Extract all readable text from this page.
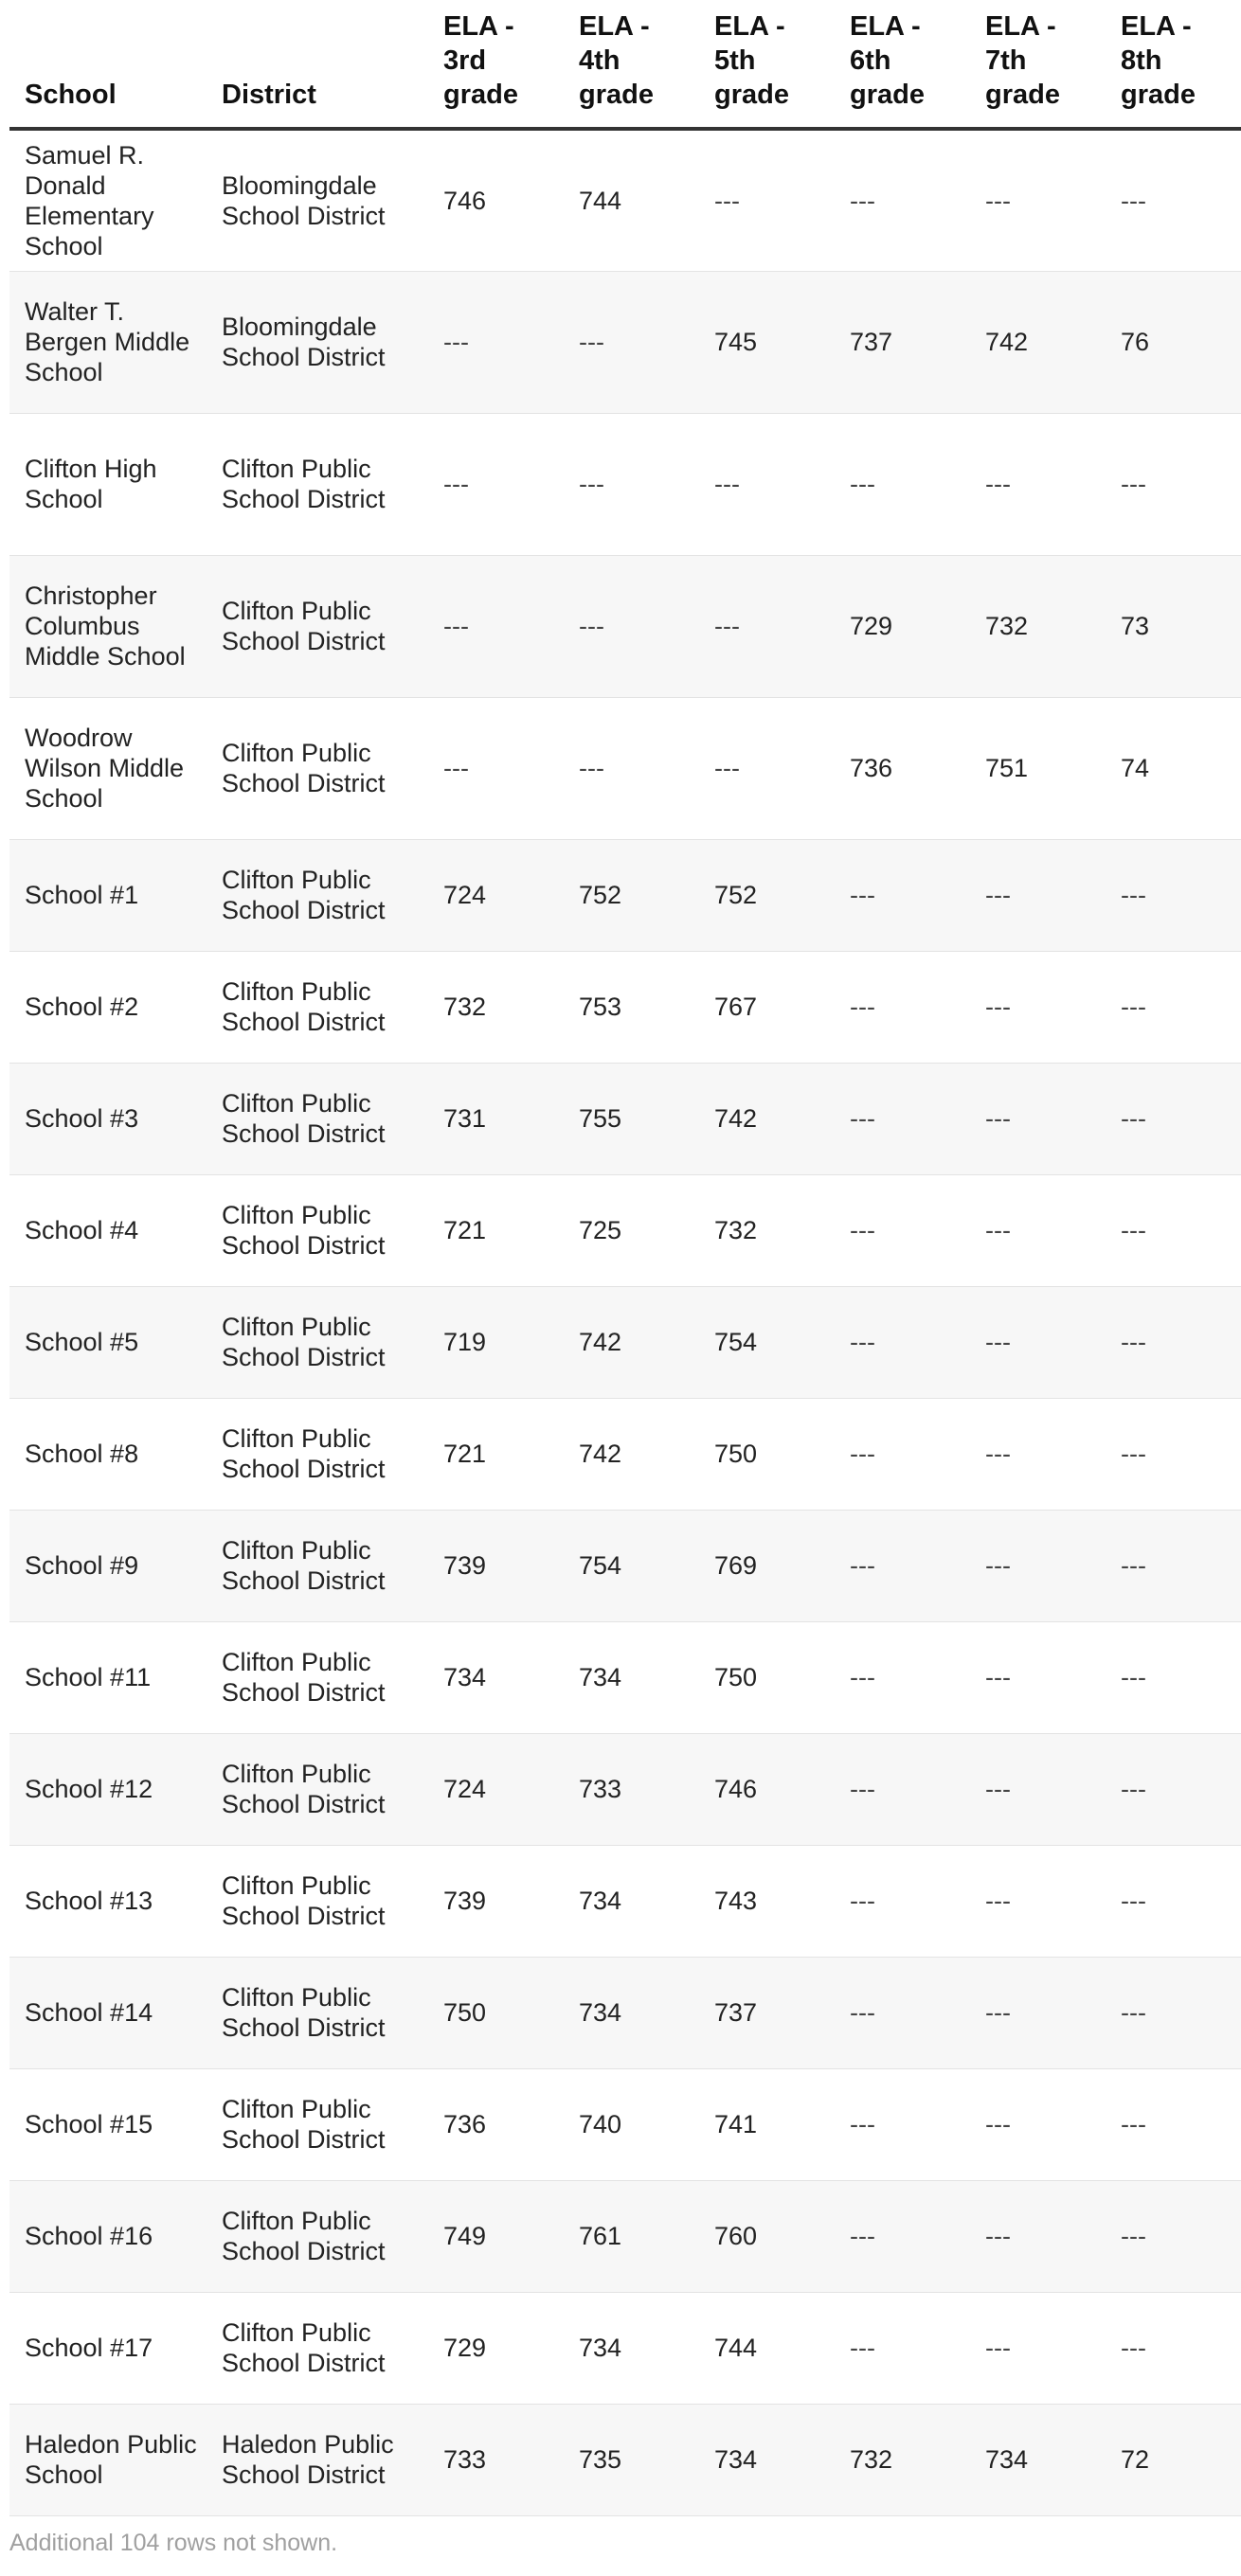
School	District	ELA - 3rd grade	ELA - 4th grade	ELA - 5th grade	ELA - 6th grade	ELA - 7th grade	ELA - 8th grade
Samuel R. Donald Elementary School	Bloomingdale School District	746	744	---	---	---	---
Walter T. Bergen Middle School	Bloomingdale School District	---	---	745	737	742	76
Clifton High School	Clifton Public School District	---	---	---	---	---	---
Christopher Columbus Middle School	Clifton Public School District	---	---	---	729	732	73
Woodrow Wilson Middle School	Clifton Public School District	---	---	---	736	751	74
School #1	Clifton Public School District	724	752	752	---	---	---
School #2	Clifton Public School District	732	753	767	---	---	---
School #3	Clifton Public School District	731	755	742	---	---	---
School #4	Clifton Public School District	721	725	732	---	---	---
School #5	Clifton Public School District	719	742	754	---	---	---
School #8	Clifton Public School District	721	742	750	---	---	---
School #9	Clifton Public School District	739	754	769	---	---	---
School #11	Clifton Public School District	734	734	750	---	---	---
School #12	Clifton Public School District	724	733	746	---	---	---
School #13	Clifton Public School District	739	734	743	---	---	---
School #14	Clifton Public School District	750	734	737	---	---	---
School #15	Clifton Public School District	736	740	741	---	---	---
School #16	Clifton Public School District	749	761	760	---	---	---
School #17	Clifton Public School District	729	734	744	---	---	---
Haledon Public School	Haledon Public School District	733	735	734	732	734	72
Additional 104 rows not shown.
